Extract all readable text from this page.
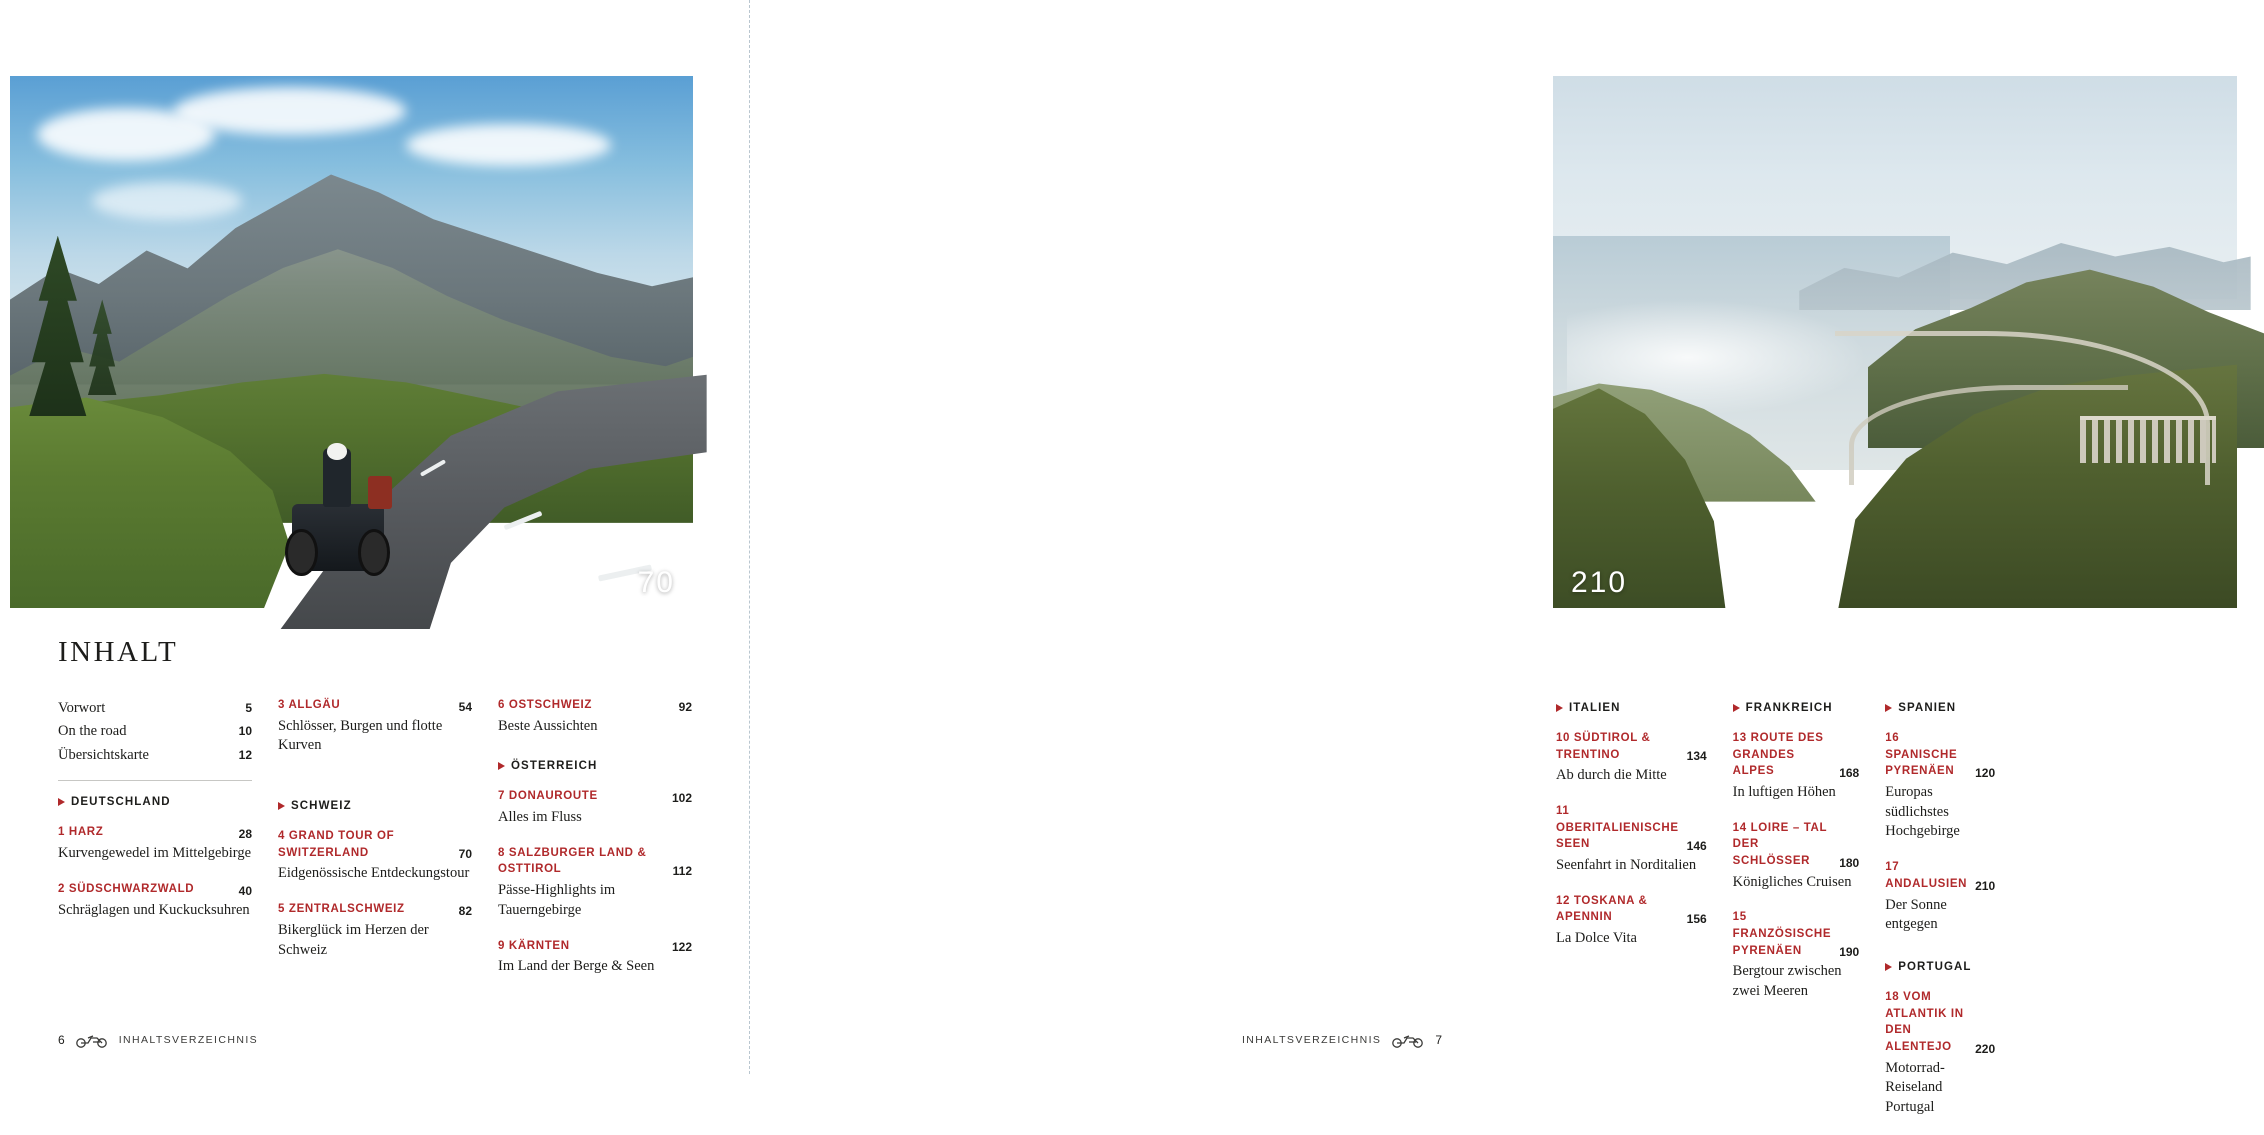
70
INHALT
Vorwort	5
On the road	10
Übersichtskarte	12
DEUTSCHLAND
1 HARZ	28
Kurvengewedel im Mittelgebirge
2 SÜDSCHWARZWALD	40
Schräglagen und Kuckucksuhren
3 ALLGÄU	54
Schlösser, Burgen und flotte Kurven
SCHWEIZ
4 GRAND TOUR OF SWITZERLAND	70
Eidgenössische Entdeckungstour
5 ZENTRALSCHWEIZ	82
Bikerglück im Herzen der Schweiz
6 OSTSCHWEIZ	92
Beste Aussichten
ÖSTERREICH
7 DONAUROUTE	102
Alles im Fluss
8 SALZBURGER LAND & OSTTIROL	112
Pässe-Highlights im Tauerngebirge
9 KÄRNTEN	122
Im Land der Berge & Seen
6	INHALTSVERZEICHNIS
210
ITALIEN
10 SÜDTIROL & TRENTINO	134
Ab durch die Mitte
11 OBERITALIENISCHE SEEN	146
Seenfahrt in Norditalien
12 TOSKANA & APENNIN	156
La Dolce Vita
FRANKREICH
13 ROUTE DES GRANDES ALPES	168
In luftigen Höhen
14 LOIRE – TAL DER SCHLÖSSER	180
Königliches Cruisen
15 FRANZÖSISCHE PYRENÄEN	190
Bergtour zwischen zwei Meeren
SPANIEN
16 SPANISCHE PYRENÄEN	120
Europas südlichstes Hochgebirge
17 ANDALUSIEN 210
Der Sonne entgegen
PORTUGAL
18 VOM ATLANTIK IN DEN ALENTEJO	220
Motorrad-Reiseland Portugal
INHALTSVERZEICHNIS	7
